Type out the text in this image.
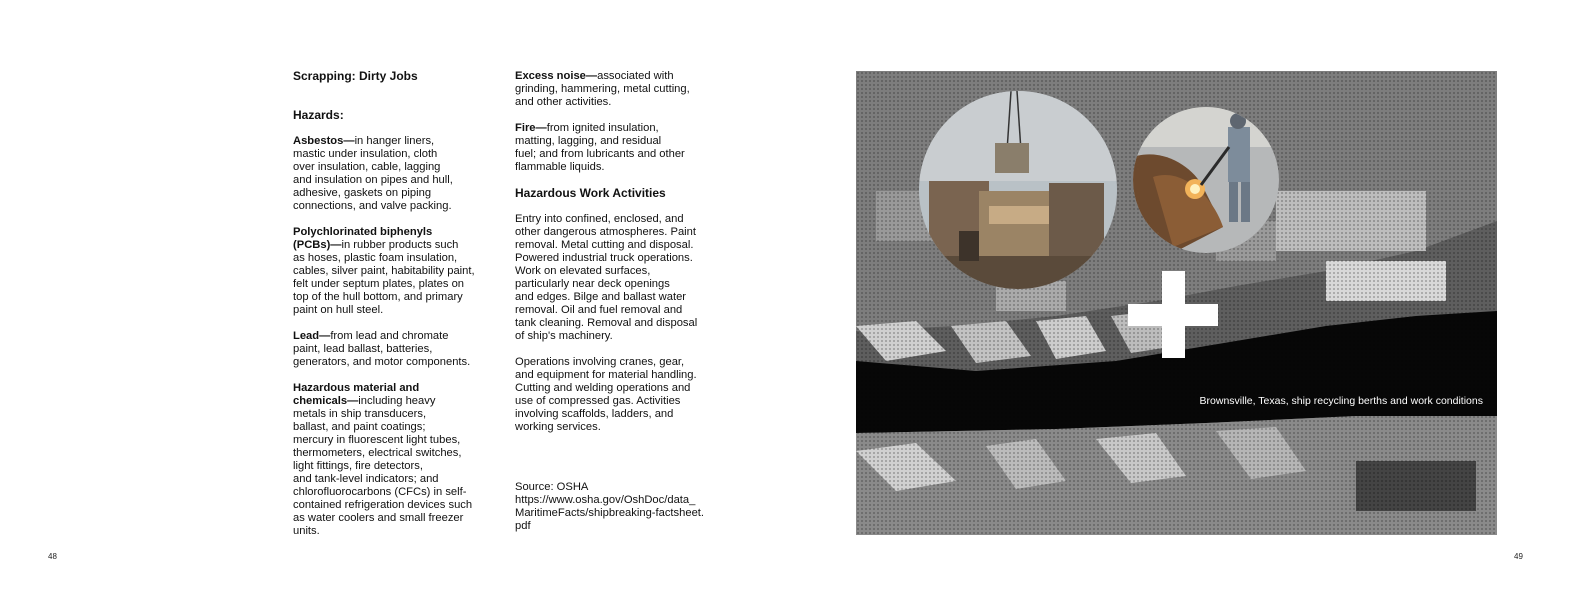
Scrapping: Dirty Jobs

Hazards:

Asbestos—in hanger liners,
mastic under insulation, cloth
over insulation, cable, lagging
and insulation on pipes and hull,
adhesive, gaskets on piping
connections, and valve packing.

Polychlorinated biphenyls
(PCBs)—in rubber products such
as hoses, plastic foam insulation,
cables, silver paint, habitability paint,
felt under septum plates, plates on
top of the hull bottom, and primary
paint on hull steel.

Lead—from lead and chromate
paint, lead ballast, batteries,
generators, and motor components.

Hazardous material and
chemicals—including heavy
metals in ship transducers,
ballast, and paint coatings;
mercury in fluorescent light tubes,
thermometers, electrical switches,
light fittings, fire detectors,
and tank-level indicators; and
chlorofluorocarbons (CFCs) in self-
contained refrigeration devices such
as water coolers and small freezer
units.

Excess noise—associated with
grinding, hammering, metal cutting,
and other activities.

Fire—from ignited insulation,
matting, lagging, and residual
fuel; and from lubricants and other
flammable liquids.

Hazardous Work Activities

Entry into confined, enclosed, and
other dangerous atmospheres. Paint
removal. Metal cutting and disposal.
Powered industrial truck operations.
Work on elevated surfaces,
particularly near deck openings
and edges. Bilge and ballast water
removal. Oil and fuel removal and
tank cleaning. Removal and disposal
of ship's machinery.

Operations involving cranes, gear,
and equipment for material handling.
Cutting and welding operations and
use of compressed gas. Activities
involving scaffolds, ladders, and
working services.

Source: OSHA
https://www.osha.gov/OshDoc/data_
MaritimeFacts/shipbreaking-factsheet.
pdf

48	49
Brownsville, Texas, ship recycling berths and work conditions
